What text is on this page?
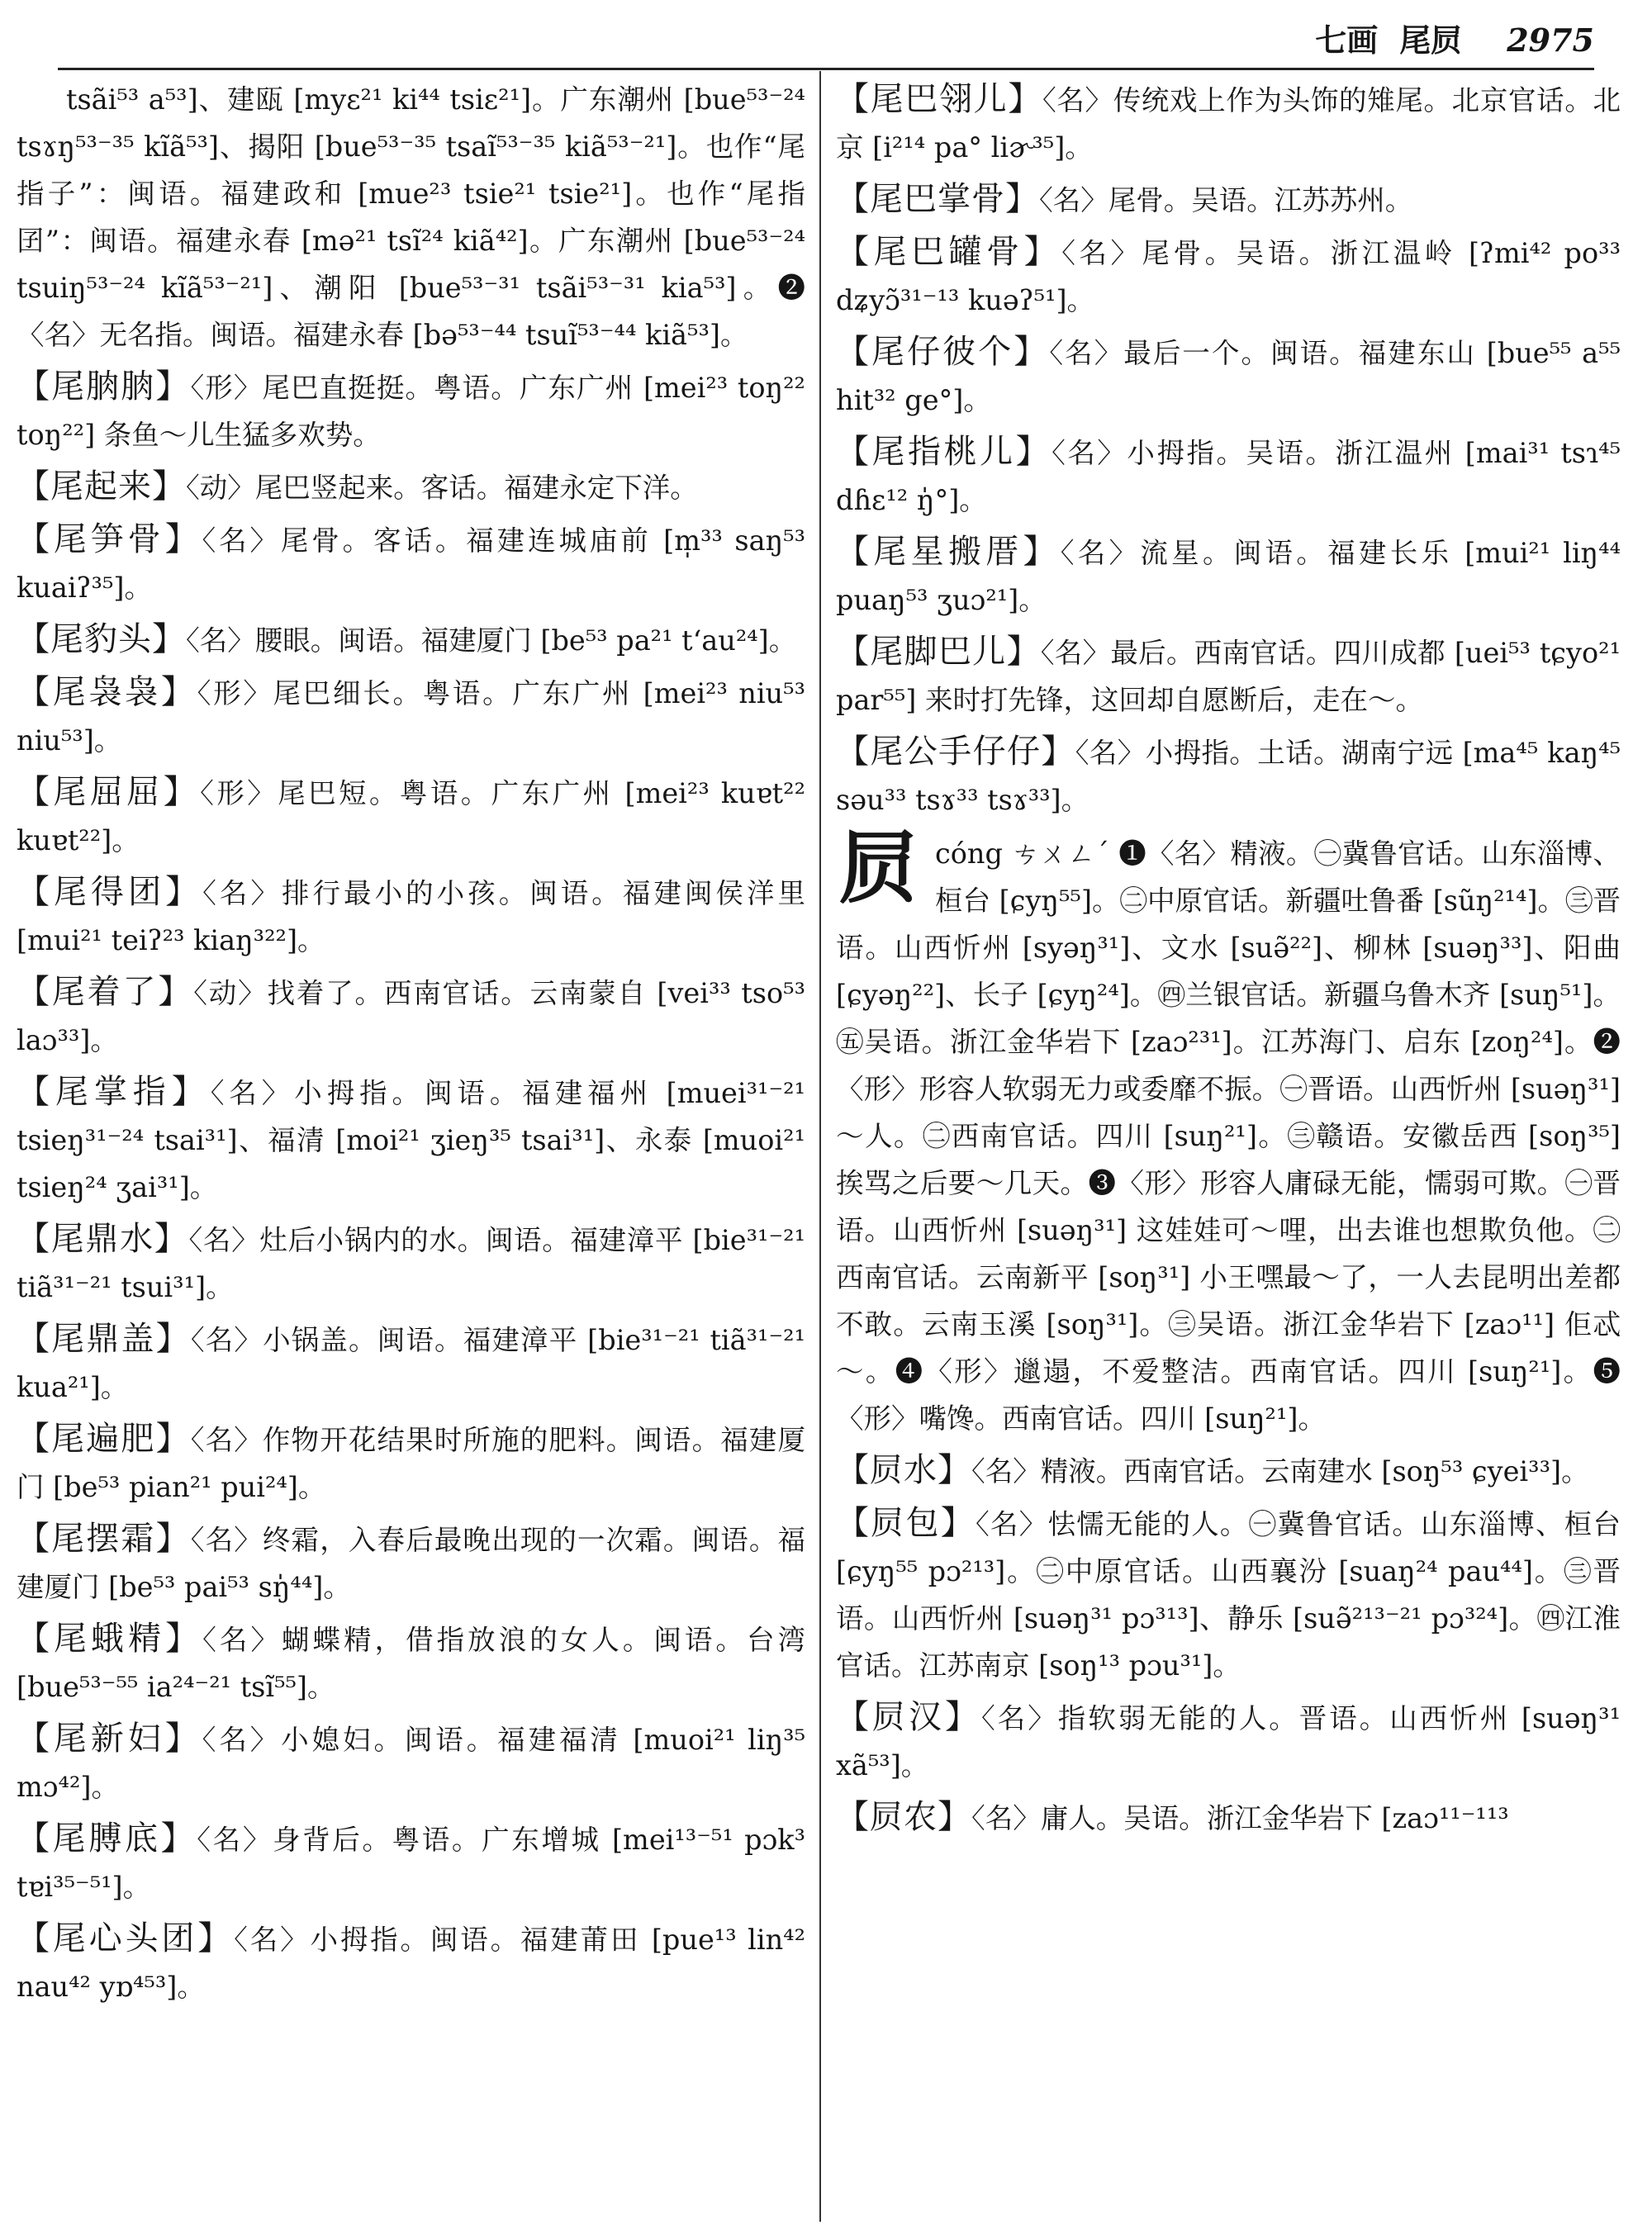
七画 尾屃 2975
tsãi⁵³ a⁵³]、建瓯 [myɛ²¹ ki⁴⁴ tsiɛ²¹]。广东潮州 [bue⁵³⁻²⁴ tsɤŋ⁵³⁻³⁵ kĩã⁵³]、揭阳 [bue⁵³⁻³⁵ tsaĩ⁵³⁻³⁵ kiã⁵³⁻²¹]。也作“尾指子”：闽语。福建政和 [mue²³ tsie²¹ tsie²¹]。也作“尾指囝”：闽语。福建永春 [mə²¹ tsĩ²⁴ kiã⁴²]。广东潮州 [bue⁵³⁻²⁴ tsuiŋ⁵³⁻²⁴ kĩã⁵³⁻²¹]、潮阳 [bue⁵³⁻³¹ tsãi⁵³⁻³¹ kia⁵³]。❷〈名〉无名指。闽语。福建永春 [bə⁵³⁻⁴⁴ tsuĩ⁵³⁻⁴⁴ kiã⁵³]。
【尾朒朒】〈形〉尾巴直挺挺。粤语。广东广州 [mei²³ toŋ²² toŋ²²] 条鱼～儿生猛多欢势。
【尾起来】〈动〉尾巴竖起来。客话。福建永定下洋。
【尾笋骨】〈名〉尾骨。客话。福建连城庙前 [m̩³³ saŋ⁵³ kuaiʔ³⁵]。
【尾豹头】〈名〉腰眼。闽语。福建厦门 [be⁵³ pa²¹ t‘au²⁴]。
【尾袅袅】〈形〉尾巴细长。粤语。广东广州 [mei²³ niu⁵³ niu⁵³]。
【尾屈屈】〈形〉尾巴短。粤语。广东广州 [mei²³ kuɐt²² kuɐt²²]。
【尾得团】〈名〉排行最小的小孩。闽语。福建闽侯洋里 [mui²¹ teiʔ²³ kiaŋ³²²]。
【尾着了】〈动〉找着了。西南官话。云南蒙自 [vei³³ tso⁵³ laɔ³³]。
【尾掌指】〈名〉小拇指。闽语。福建福州 [muei³¹⁻²¹ tsieŋ³¹⁻²⁴ tsai³¹]、福清 [moi²¹ ʒieŋ³⁵ tsai³¹]、永泰 [muoi²¹ tsieŋ²⁴ ʒai³¹]。
【尾鼎水】〈名〉灶后小锅内的水。闽语。福建漳平 [bie³¹⁻²¹ tiã³¹⁻²¹ tsui³¹]。
【尾鼎盖】〈名〉小锅盖。闽语。福建漳平 [bie³¹⁻²¹ tiã³¹⁻²¹ kua²¹]。
【尾遍肥】〈名〉作物开花结果时所施的肥料。闽语。福建厦门 [be⁵³ pian²¹ pui²⁴]。
【尾摆霜】〈名〉终霜，入春后最晚出现的一次霜。闽语。福建厦门 [be⁵³ pai⁵³ sŋ̍⁴⁴]。
【尾蛾精】〈名〉蝴蝶精，借指放浪的女人。闽语。台湾 [bue⁵³⁻⁵⁵ ia²⁴⁻²¹ tsĩ⁵⁵]。
【尾新妇】〈名〉小媳妇。闽语。福建福清 [muoi²¹ liŋ³⁵ mɔ⁴²]。
【尾膊底】〈名〉身背后。粤语。广东增城 [mei¹³⁻⁵¹ pɔk³ tɐi³⁵⁻⁵¹]。
【尾心头团】〈名〉小拇指。闽语。福建莆田 [pue¹³ lin⁴² nau⁴² yɒ⁴⁵³]。
【尾巴翎儿】〈名〉传统戏上作为头饰的雉尾。北京官话。北京 [i²¹⁴ pa° liɚ³⁵]。
【尾巴掌骨】〈名〉尾骨。吴语。江苏苏州。
【尾巴罐骨】〈名〉尾骨。吴语。浙江温岭 [ʔmi⁴² po³³ dʑyɔ̃³¹⁻¹³ kuəʔ⁵¹]。
【尾仔彼个】〈名〉最后一个。闽语。福建东山 [bue⁵⁵ a⁵⁵ hit³² ge°]。
【尾指桃儿】〈名〉小拇指。吴语。浙江温州 [mai³¹ tsɿ⁴⁵ dɦɛ¹² ŋ̍°]。
【尾星搬厝】〈名〉流星。闽语。福建长乐 [mui²¹ liŋ⁴⁴ puaŋ⁵³ ʒuɔ²¹]。
【尾脚巴儿】〈名〉最后。西南官话。四川成都 [uei⁵³ tɕyo²¹ par⁵⁵] 来时打先锋，这回却自愿断后，走在～。
【尾公手仔仔】〈名〉小拇指。土话。湖南宁远 [ma⁴⁵ kaŋ⁴⁵ səu³³ tsɤ³³ tsɤ³³]。
屃 cóng ㄘㄨㄥˊ ❶〈名〉精液。㊀冀鲁官话。山东淄博、桓台 [ɕyŋ⁵⁵]。㊁中原官话。新疆吐鲁番 [sũŋ²¹⁴]。㊂晋语。山西忻州 [syəŋ³¹]、文水 [suə̃²²]、柳林 [suəŋ³³]、阳曲 [ɕyəŋ²²]、长子 [ɕyŋ²⁴]。㊃兰银官话。新疆乌鲁木齐 [suŋ⁵¹]。㊄吴语。浙江金华岩下 [zaɔ²³¹]。江苏海门、启东 [zoŋ²⁴]。❷〈形〉形容人软弱无力或委靡不振。㊀晋语。山西忻州 [suəŋ³¹] ～人。㊁西南官话。四川 [suŋ²¹]。㊂赣语。安徽岳西 [soŋ³⁵] 挨骂之后要～几天。❸〈形〉形容人庸碌无能，懦弱可欺。㊀晋语。山西忻州 [suəŋ³¹] 这娃娃可～哩，出去谁也想欺负他。㊁西南官话。云南新平 [soŋ³¹] 小王嘿最～了，一人去昆明出差都不敢。云南玉溪 [soŋ³¹]。㊂吴语。浙江金华岩下 [zaɔ¹¹] 佢忒～。❹〈形〉邋遢，不爱整洁。西南官话。四川 [suŋ²¹]。❺〈形〉嘴馋。西南官话。四川 [suŋ²¹]。
【屃水】〈名〉精液。西南官话。云南建水 [soŋ⁵³ ɕyei³³]。
【屃包】〈名〉怯懦无能的人。㊀冀鲁官话。山东淄博、桓台 [ɕyŋ⁵⁵ pɔ²¹³]。㊁中原官话。山西襄汾 [suaŋ²⁴ pau⁴⁴]。㊂晋语。山西忻州 [suəŋ³¹ pɔ³¹³]、静乐 [suə̃²¹³⁻²¹ pɔ³²⁴]。㊃江淮官话。江苏南京 [soŋ¹³ pɔu³¹]。
【屃汉】〈名〉指软弱无能的人。晋语。山西忻州 [suəŋ³¹ xã⁵³]。
【屃农】〈名〉庸人。吴语。浙江金华岩下 [zaɔ¹¹⁻¹¹³
